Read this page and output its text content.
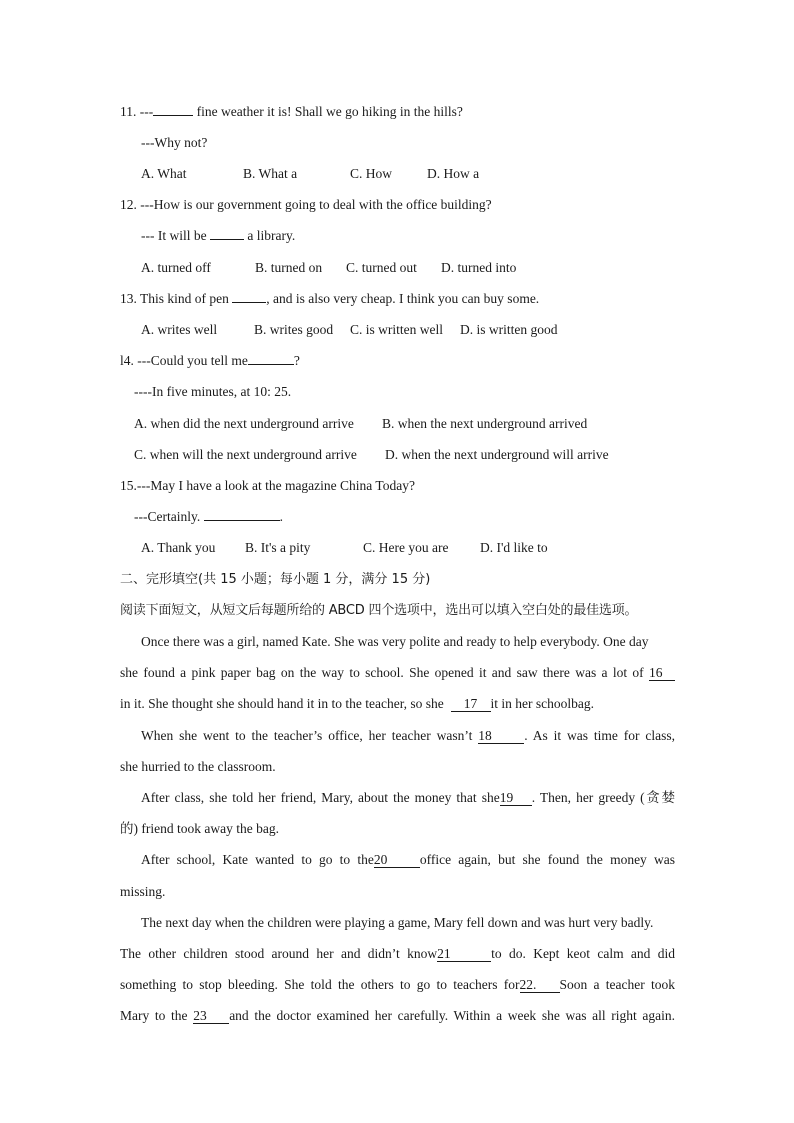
11. ---	fine weather it is! Shall we go hiking in the hills?
---Why not?
A. What	B. What a	C. How	D. How a
12. ---How is our government going to deal with the office building?
--- It will be	a library.
A. turned off	B. turned on C. turned out D. turned into
13. This kind of pen	, and is also very cheap. I think you can buy some.
A. writes well	B. writes good C. is written well D. is written good
l4. ---Could you tell me	?
----In five minutes, at 10: 25.
A. when did the next underground arrive B. when the next underground arrived
C. when will the next underground arrive D. when the next underground will arrive
15.---May I have a look at the magazine China Today?
---Certainly.	.
A. Thank you B. It's a pity	C. Here you are D. I'd like to
二、完形填空(共 15 小题；每小题 1 分，满分 15 分)
阅读下面短文，从短文后每题所给的 ABCD 四个选项中，选出可以填入空白处的最佳选项。
Once there was a girl, named Kate. She was very polite and ready to help everybody. One day
she found a pink paper bag on the way to school. She opened it and saw there was a lot of 16
in it. She thought she should hand it in to the teacher, so she 17 it in her schoolbag.
When she went to the teacher’s office, her teacher wasn’t 18 . As it was time for class,
she hurried to the classroom.
After class, she told her friend, Mary, about the money that she19 . Then, her greedy (贪婪
的) friend took away the bag.
After school, Kate wanted to go to the20 office again, but she found the money was
missing.
The next day when the children were playing a game, Mary fell down and was hurt very badly.
The other children stood around her and didn’t know21	to do. Kept keot calm and did
something to stop bleeding. She told the others to go to teachers for22. Soon a teacher took
Mary to the 23 and the doctor examined her carefully. Within a week she was all right again.
